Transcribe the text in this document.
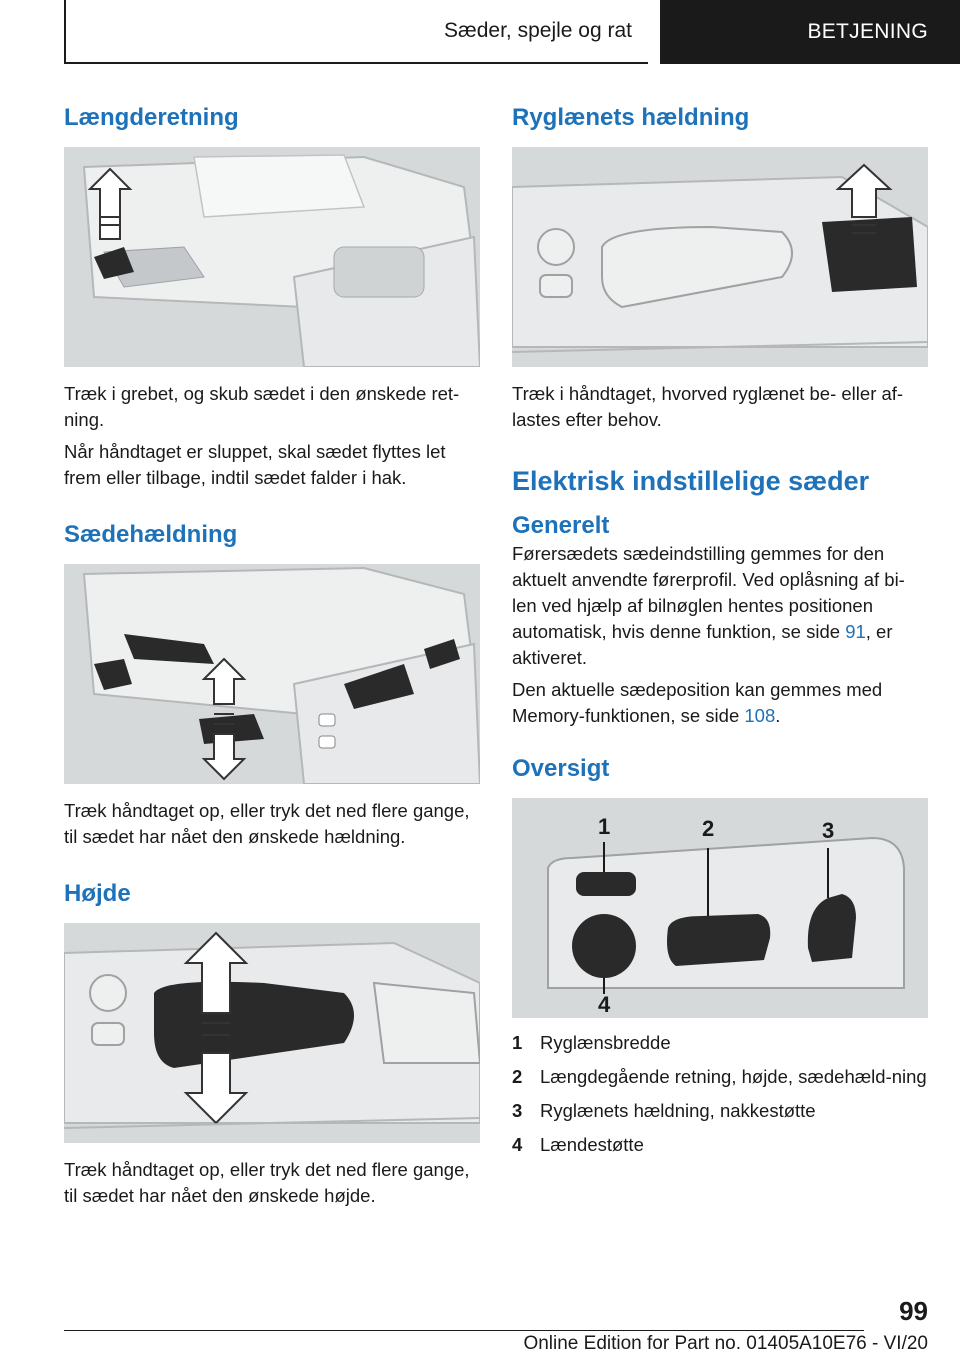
Sæder, spejle og rat	BETJENING
Længderetning

Træk i grebet, og skub sædet i den ønskede ret‐ning.

Når håndtaget er sluppet, skal sædet flyttes let frem eller tilbage, indtil sædet falder i hak.

Sædehældning

Træk håndtaget op, eller tryk det ned flere gange, til sædet har nået den ønskede hældning.

Højde

Træk håndtaget op, eller tryk det ned flere gange, til sædet har nået den ønskede højde.

Ryglænets hældning

Træk i håndtaget, hvorved ryglænet be- eller af‐lastes efter behov.

Elektrisk indstillelige sæder
Generelt

Førersædets sædeindstilling gemmes for den aktuelt anvendte førerprofil. Ved oplåsning af bi‐len ved hjælp af bilnøglen hentes positionen automatisk, hvis denne funktion, se side 91, er aktiveret.

Den aktuelle sædeposition kan gemmes med Memory-funktionen, se side 108.

Oversigt
1	2	3
4
1 Ryglænsbredde
2 Længdegående retning, højde, sædehæld‐ning
3 Ryglænets hældning, nakkestøtte
4 Lændestøtte
99
Online Edition for Part no. 01405A10E76 - VI/20
